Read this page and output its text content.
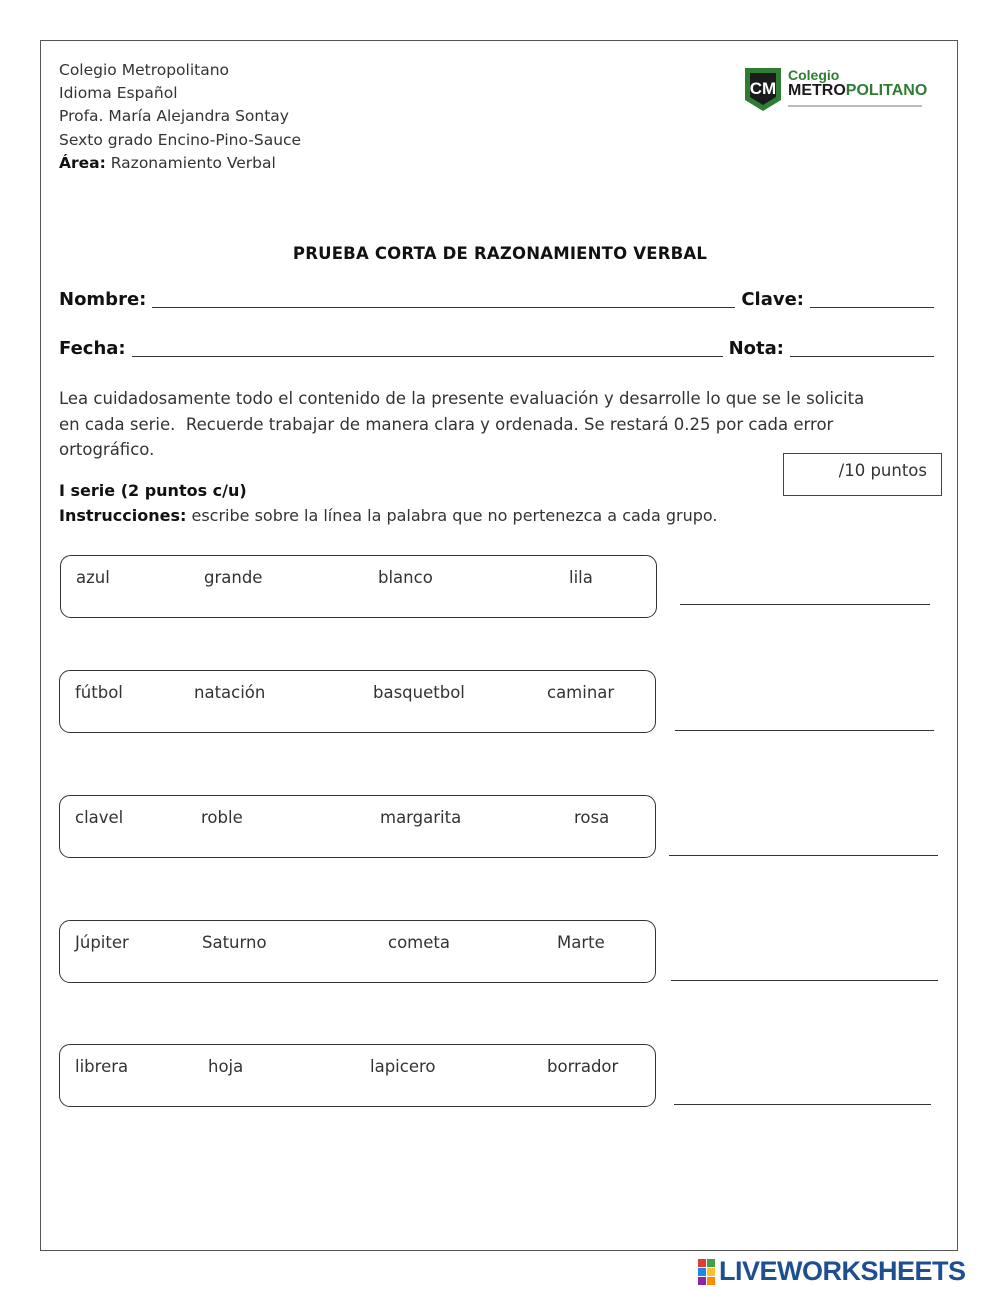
Colegio Metropolitano
Idioma Español
Profa. María Alejandra Sontay
Sexto grado Encino-Pino-Sauce
Área: Razonamiento Verbal
CM
Colegio
METROPOLITANO
PRUEBA CORTA DE RAZONAMIENTO VERBAL
Nombre:	Clave:
Fecha:	Nota:
Lea cuidadosamente todo el contenido de la presente evaluación y desarrolle lo que se le solicita
en cada serie.  Recuerde trabajar de manera clara y ordenada. Se restará 0.25 por cada error
ortográfico.
/10 puntos
I serie (2 puntos c/u)
Instrucciones: escribe sobre la línea la palabra que no pertenezca a cada grupo.
azul	grande	blanco	lila
fútbol	natación	basquetbol	caminar
clavel	roble	margarita	rosa
Júpiter	Saturno	cometa	Marte
librera	hoja	lapicero	borrador
LIVEWORKSHEETS
